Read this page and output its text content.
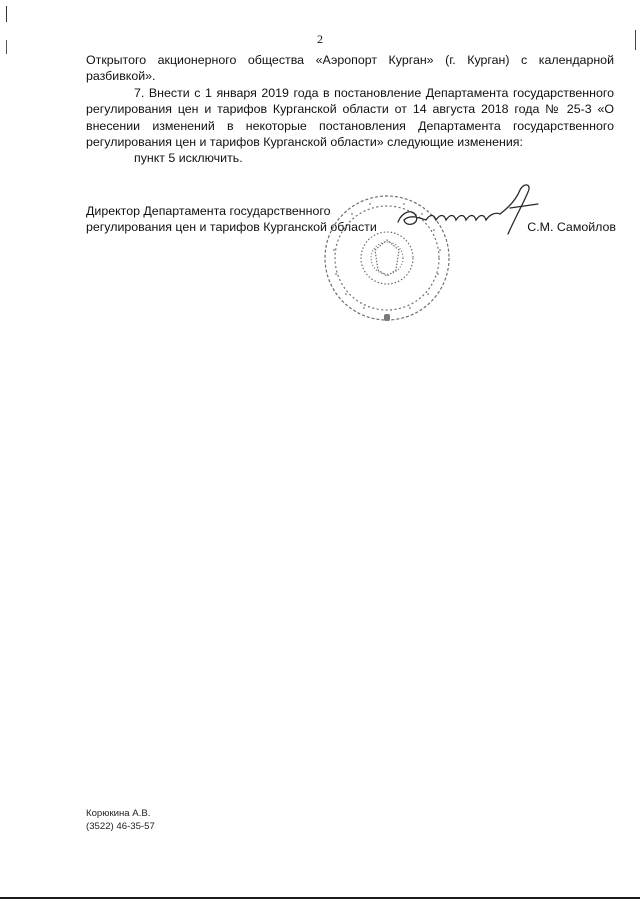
2

Открытого акционерного общества «Аэропорт Курган» (г. Курган) с календарной
разбивкой».

7. Внести с 1 января 2019 года в постановление Департамента государственного
регулирования цен и тарифов Курганской области от 14 августа 2018 года № 25-3 «О
внесении изменений в некоторые постановления Департамента государственного
регулирования цен и тарифов Курганской области» следующие изменения:

пункт 5 исключить.

Директор Департамента государственного
регулирования цен и тарифов Курганской области	С.М. Самойлов
Корюкина А.В.
(3522) 46-35-57
